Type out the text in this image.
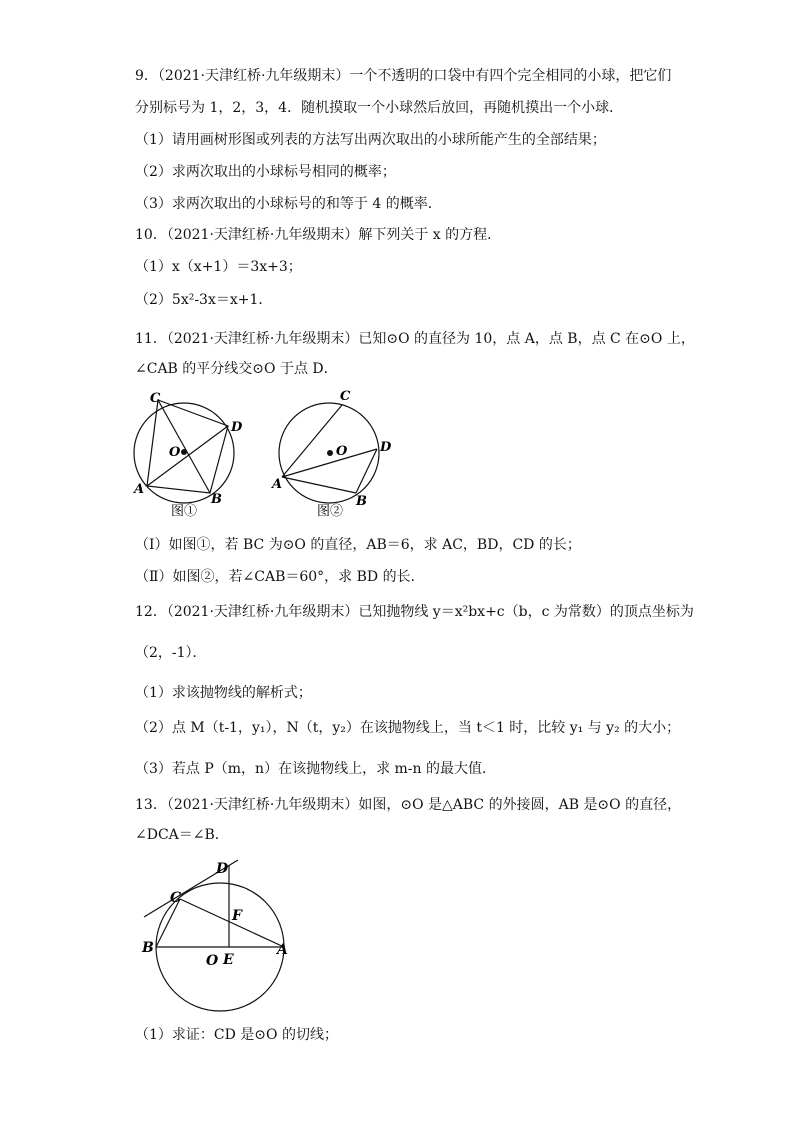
9．（2021·天津红桥·九年级期末）一个不透明的口袋中有四个完全相同的小球，把它们
分别标号为 1，2，3，4．随机摸取一个小球然后放回，再随机摸出一个小球．
（1）请用画树形图或列表的方法写出两次取出的小球所能产生的全部结果；
（2）求两次取出的小球标号相同的概率；
（3）求两次取出的小球标号的和等于 4 的概率．
10．（2021·天津红桥·九年级期末）解下列关于 x 的方程．
（1）x（x+1）＝3x+3；
（2）5x²-3x＝x+1．
11．（2021·天津红桥·九年级期末）已知⊙O 的直径为 10，点 A，点 B，点 C 在⊙O 上，
∠CAB 的平分线交⊙O 于点 D．
C
D
O
A
B
图①
C
D
O
A
B
图②
（Ⅰ）如图①，若 BC 为⊙O 的直径，AB＝6，求 AC，BD，CD 的长；
（Ⅱ）如图②，若∠CAB＝60°，求 BD 的长．
12．（2021·天津红桥·九年级期末）已知抛物线 y＝x²bx+c（b，c 为常数）的顶点坐标为
（2，-1）．
（1）求该抛物线的解析式；
（2）点 M（t-1，y₁），N（t，y₂）在该抛物线上，当 t＜1 时，比较 y₁ 与 y₂ 的大小；
（3）若点 P（m，n）在该抛物线上，求 m-n 的最大值．
13．（2021·天津红桥·九年级期末）如图，⊙O 是△ABC 的外接圆，AB 是⊙O 的直径，
∠DCA＝∠B．
D
C
F
B
O E
A
（1）求证：CD 是⊙O 的切线；
